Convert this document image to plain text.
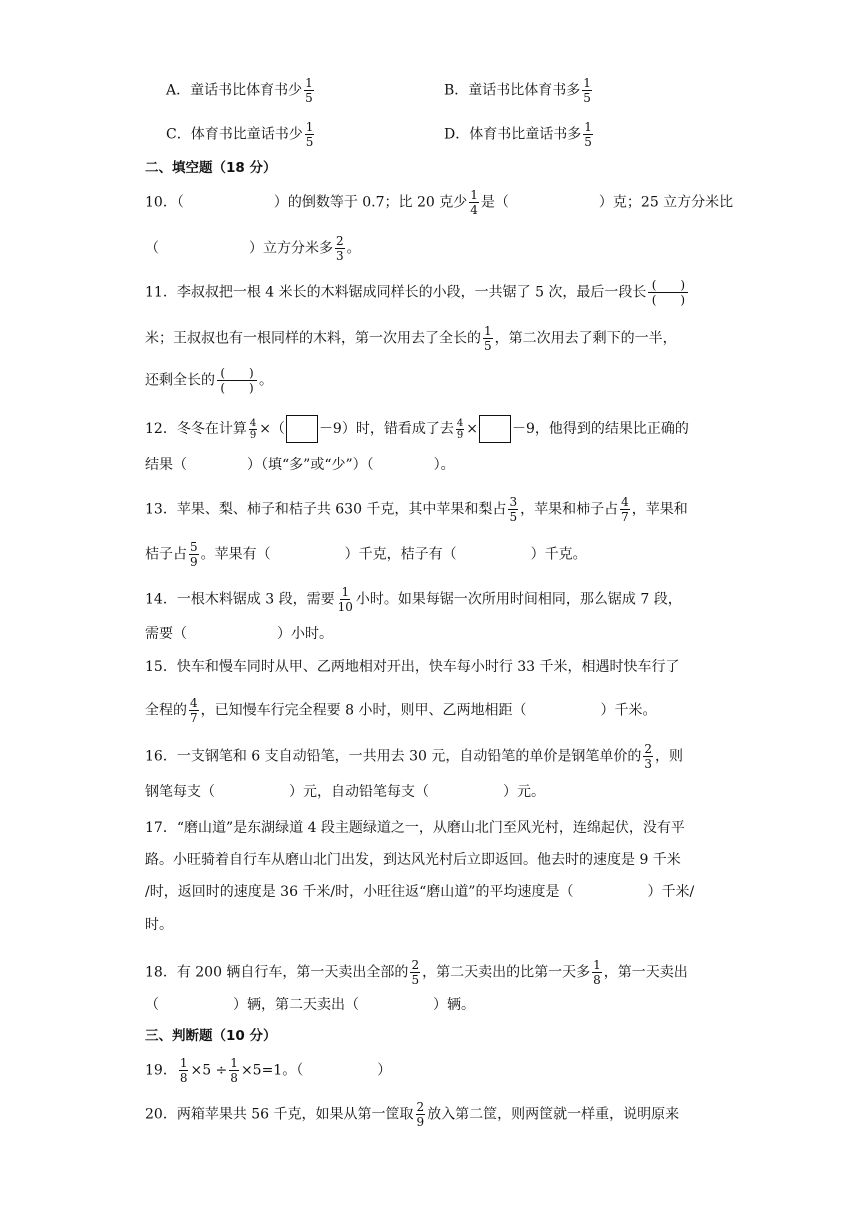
A．童话书比体育书少 $\frac{1}{5}$	B．童话书比体育书多 $\frac{1}{5}$
C．体育书比童话书少 $\frac{1}{5}$	D．体育书比童话书多 $\frac{1}{5}$
二、填空题（18 分）
10．（	）的倒数等于 0.7；比 20 克少 $\frac{1}{4}$ 是（	）克；25 立方分米比
（	）立方分米多 $\frac{2}{3}$ 。
11．李叔叔把一根 4 米长的木料锯成同样长的小段，一共锯了 5 次，最后一段长 $\frac{( )}{( )}$
米；王叔叔也有一根同样的木料，第一次用去了全长的 $\frac{1}{5}$ ，第二次用去了剩下的一半，
还剩全长的 $\frac{( )}{( )}$ 。
12．冬冬在计算 $\frac{4}{9}$ ×（ －9）时，错看成了去 $\frac{4}{9} \times -9$，他得到的结果比正确的
结果（	）（填“多”或“少”）（	）。
13．苹果、梨、柿子和桔子共 630 千克，其中苹果和梨占 $\frac{3}{5}$ ，苹果和柿子占 $\frac{4}{7}$ ，苹果和
桔子占 $\frac{5}{9}$ 。苹果有（	）千克，桔子有（	）千克。
14．一根木料锯成 3 段，需要 $\frac{1}{10}$ 小时。如果每锯一次所用时间相同，那么锯成 7 段，
需要（	）小时。
15．快车和慢车同时从甲、乙两地相对开出，快车每小时行 33 千米，相遇时快车行了
全程的 $\frac{4}{7}$ ，已知慢车行完全程要 8 小时，则甲、乙两地相距（	）千米。
16．一支钢笔和 6 支自动铅笔，一共用去 30 元，自动铅笔的单价是钢笔单价的 $\frac{2}{3}$ ，则
钢笔每支（	）元，自动铅笔每支（	）元。
17．“磨山道”是东湖绿道 4 段主题绿道之一，从磨山北门至风光村，连绵起伏，没有平
路。小旺骑着自行车从磨山北门出发，到达风光村后立即返回。他去时的速度是 9 千米
/时，返回时的速度是 36 千米/时，小旺往返“磨山道”的平均速度是（	）千米/
时。
18．有 200 辆自行车，第一天卖出全部的 $\frac{2}{5}$ ，第二天卖出的比第一天多 $\frac{1}{8}$ ，第一天卖出
（	）辆，第二天卖出（	）辆。
三、判断题（10 分）
19． $\frac{1}{8} \times 5 \div \frac{1}{8} \times 5=1$。（	）
20．两箱苹果共 56 千克，如果从第一筐取 $\frac{2}{9}$ 放入第二筐，则两筐就一样重，说明原来
